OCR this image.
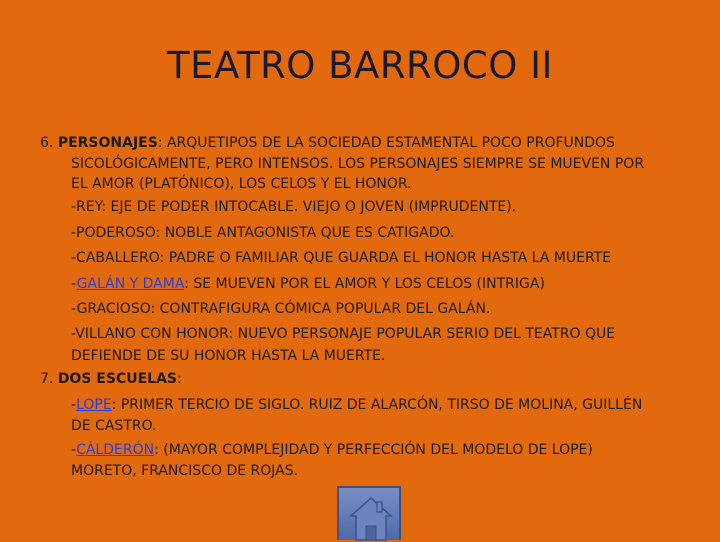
TEATRO BARROCO II

6. PERSONAJES: ARQUETIPOS DE LA SOCIEDAD ESTAMENTAL POCO PROFUNDOS

SICOLÓGICAMENTE, PERO INTENSOS. LOS PERSONAJES SIEMPRE SE MUEVEN POR

EL AMOR (PLATÓNICO), LOS CELOS Y EL HONOR.

-REY: EJE DE PODER INTOCABLE. VIEJO O JOVEN (IMPRUDENTE).

-PODEROSO: NOBLE ANTAGONISTA QUE ES CATIGADO.

-CABALLERO: PADRE O FAMILIAR QUE GUARDA EL HONOR HASTA LA MUERTE

-GALÁN Y DAMA: SE MUEVEN POR EL AMOR Y LOS CELOS (INTRIGA)

-GRACIOSO: CONTRAFIGURA CÓMICA POPULAR DEL GALÁN.

-VILLANO CON HONOR: NUEVO PERSONAJE POPULAR SERIO DEL TEATRO QUE

DEFIENDE DE SU HONOR HASTA LA MUERTE.

7. DOS ESCUELAS:

-LOPE: PRIMER TERCIO DE SIGLO. RUIZ DE ALARCÓN, TIRSO DE MOLINA, GUILLÉN

DE CASTRO.

-CÁLDERÓN: (MAYOR COMPLEJIDAD Y PERFECCIÓN DEL MODELO DE LOPE)

MORETO, FRANCISCO DE ROJAS.
